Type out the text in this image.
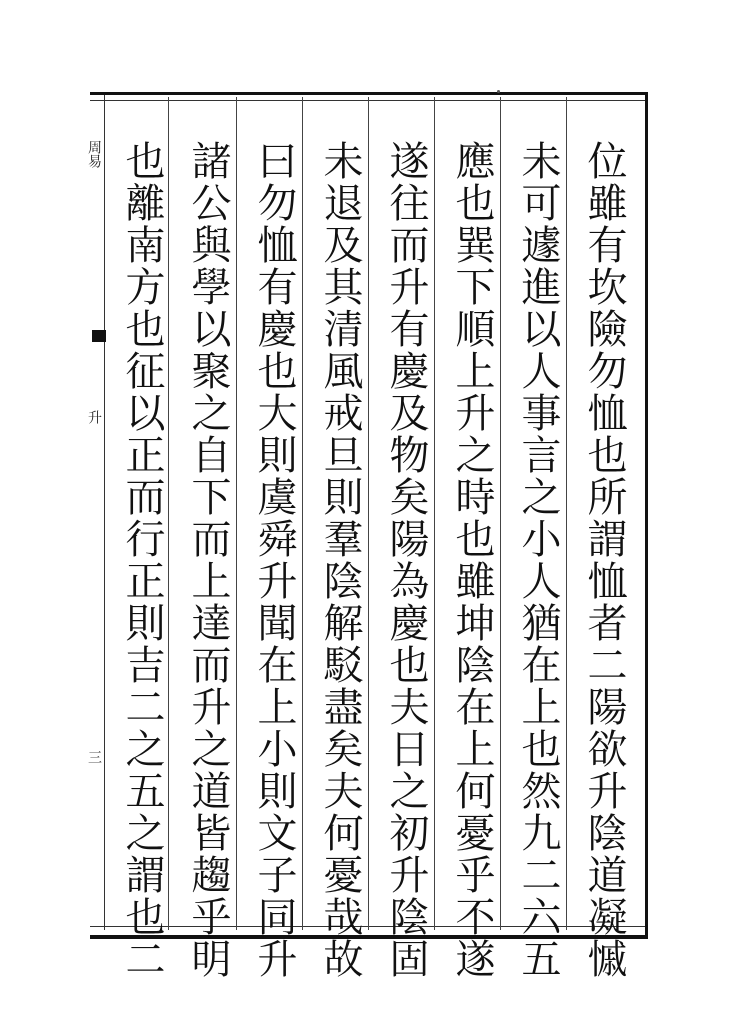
位雖有坎險勿恤也所謂恤者二陽欲升陰道凝慽
未可遽進以人事言之小人猶在上也然九二六五
應也巽下順上升之時也雖坤陰在上何憂乎不遂
遂往而升有慶及物矣陽為慶也夫日之初升陰固
未退及其清風戒旦則羣陰解駁盡矣夫何憂哉故
曰勿恤有慶也大則虞舜升聞在上小則文子同升
諸公與學以聚之自下而上達而升之道皆趨乎明
也離南方也征以正而行正則吉二之五之謂也二
周易
升
三
